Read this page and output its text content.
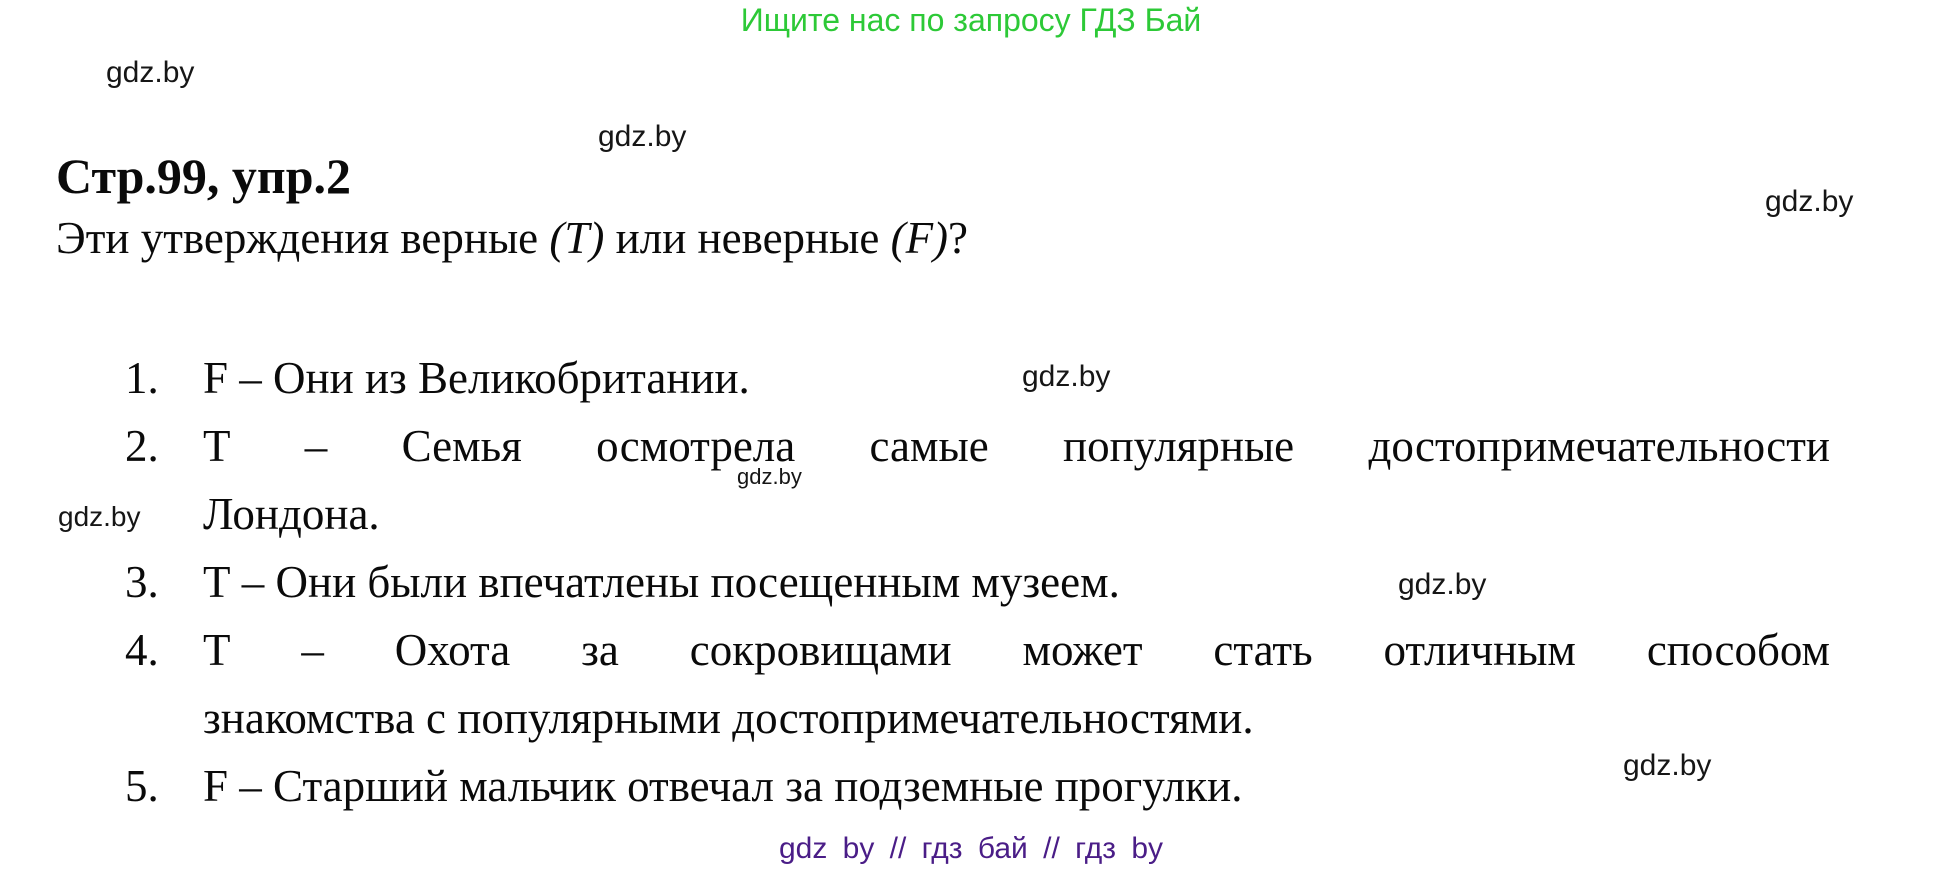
Ищите нас по запросу ГДЗ Бай
gdz.by
gdz.by
gdz.by
gdz.by
gdz.by
gdz.by
gdz.by
gdz.by
Стр.99, упр.2
Эти утверждения верные (T) или неверные (F)?
1. F – Они из Великобритании.
2. Т – Семья осмотрела самые популярные достопримечательности
Лондона.
3. Т – Они были впечатлены посещенным музеем.
4. Т – Охота за сокровищами может стать отличным способом
знакомства с популярными достопримечательностями.
5. F – Старший мальчик отвечал за подземные прогулки.
gdz by // гдз бай // гдз by
